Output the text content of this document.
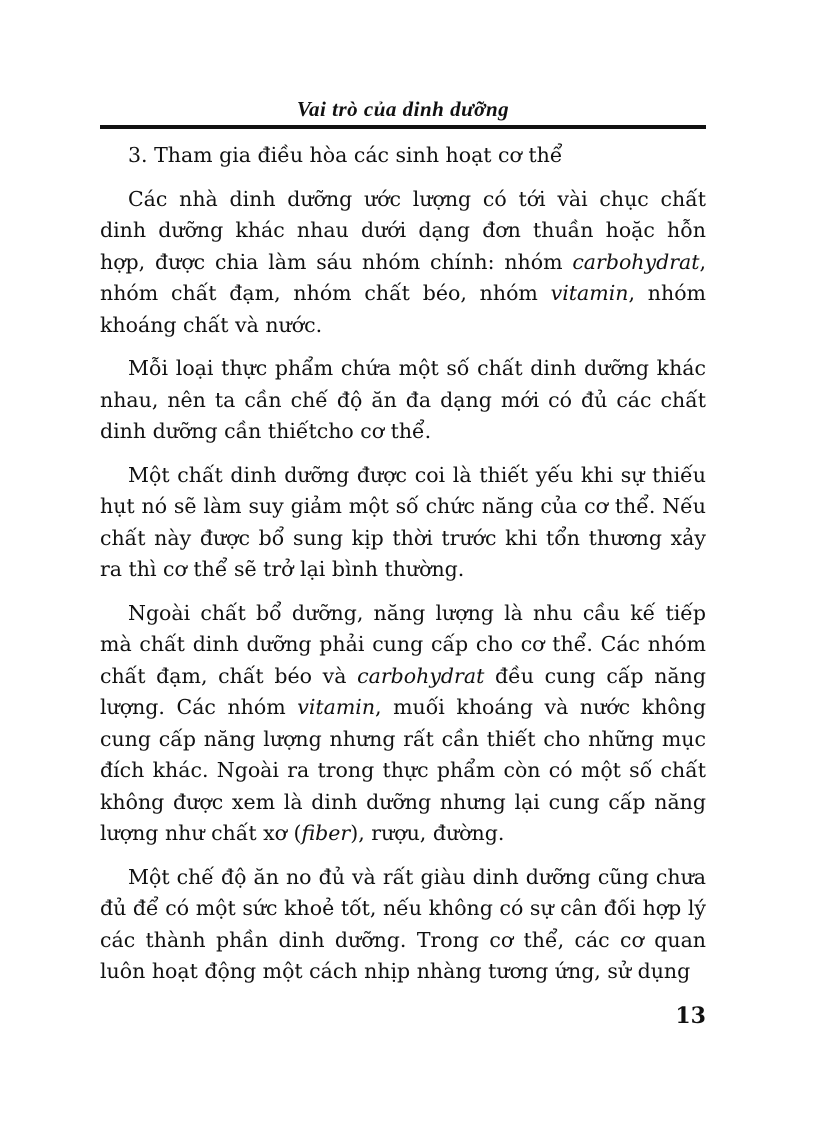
Vai trò của dinh dưỡng

3. Tham gia điều hòa các sinh hoạt cơ thể

Các nhà dinh dưỡng ước lượng có tới vài chục chất dinh dưỡng khác nhau dưới dạng đơn thuần hoặc hỗn hợp, được chia làm sáu nhóm chính: nhóm carbohydrat, nhóm chất đạm, nhóm chất béo, nhóm vitamin, nhóm khoáng chất và nước.

Mỗi loại thực phẩm chứa một số chất dinh dưỡng khác nhau, nên ta cần chế độ ăn đa dạng mới có đủ các chất dinh dưỡng cần thiếtcho cơ thể.

Một chất dinh dưỡng được coi là thiết yếu khi sự thiếu hụt nó sẽ làm suy giảm một số chức năng của cơ thể. Nếu chất này được bổ sung kịp thời trước khi tổn thương xảy ra thì cơ thể sẽ trở lại bình thường.

Ngoài chất bổ dưỡng, năng lượng là nhu cầu kế tiếp mà chất dinh dưỡng phải cung cấp cho cơ thể. Các nhóm chất đạm, chất béo và carbohydrat đều cung cấp năng lượng. Các nhóm vitamin, muối khoáng và nước không cung cấp năng lượng nhưng rất cần thiết cho những mục đích khác. Ngoài ra trong thực phẩm còn có một số chất không được xem là dinh dưỡng nhưng lại cung cấp năng lượng như chất xơ (fiber), rượu, đường.

Một chế độ ăn no đủ và rất giàu dinh dưỡng cũng chưa đủ để có một sức khoẻ tốt, nếu không có sự cân đối hợp lý các thành phần dinh dưỡng. Trong cơ thể, các cơ quan luôn hoạt động một cách nhịp nhàng tương ứng, sử dụng

13
